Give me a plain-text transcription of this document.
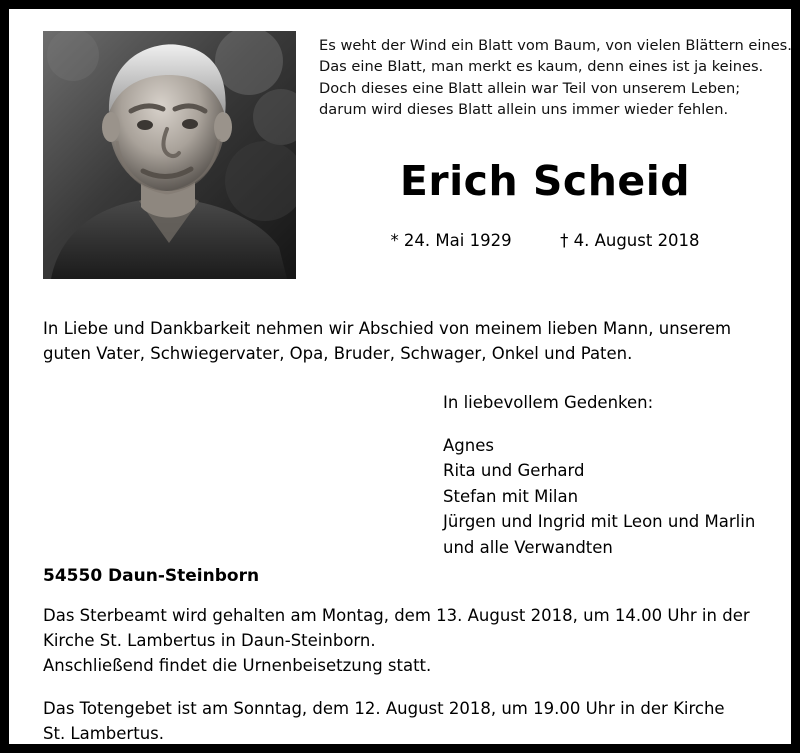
Es weht der Wind ein Blatt vom Baum, von vielen Blättern eines.
Das eine Blatt, man merkt es kaum, denn eines ist ja keines.
Doch dieses eine Blatt allein war Teil von unserem Leben;
darum wird dieses Blatt allein uns immer wieder fehlen.
Erich Scheid
* 24. Mai 1929	† 4. August 2018
In Liebe und Dankbarkeit nehmen wir Abschied von meinem lieben Mann, unserem
guten Vater, Schwiegervater, Opa, Bruder, Schwager, Onkel und Paten.
In liebevollem Gedenken:
Agnes
Rita und Gerhard
Stefan mit Milan
Jürgen und Ingrid mit Leon und Marlin
und alle Verwandten
54550 Daun-Steinborn
Das Sterbeamt wird gehalten am Montag, dem 13. August 2018, um 14.00 Uhr in der
Kirche St. Lambertus in Daun-Steinborn.
Anschließend findet die Urnenbeisetzung statt.
Das Totengebet ist am Sonntag, dem 12. August 2018, um 19.00 Uhr in der Kirche
St. Lambertus.
